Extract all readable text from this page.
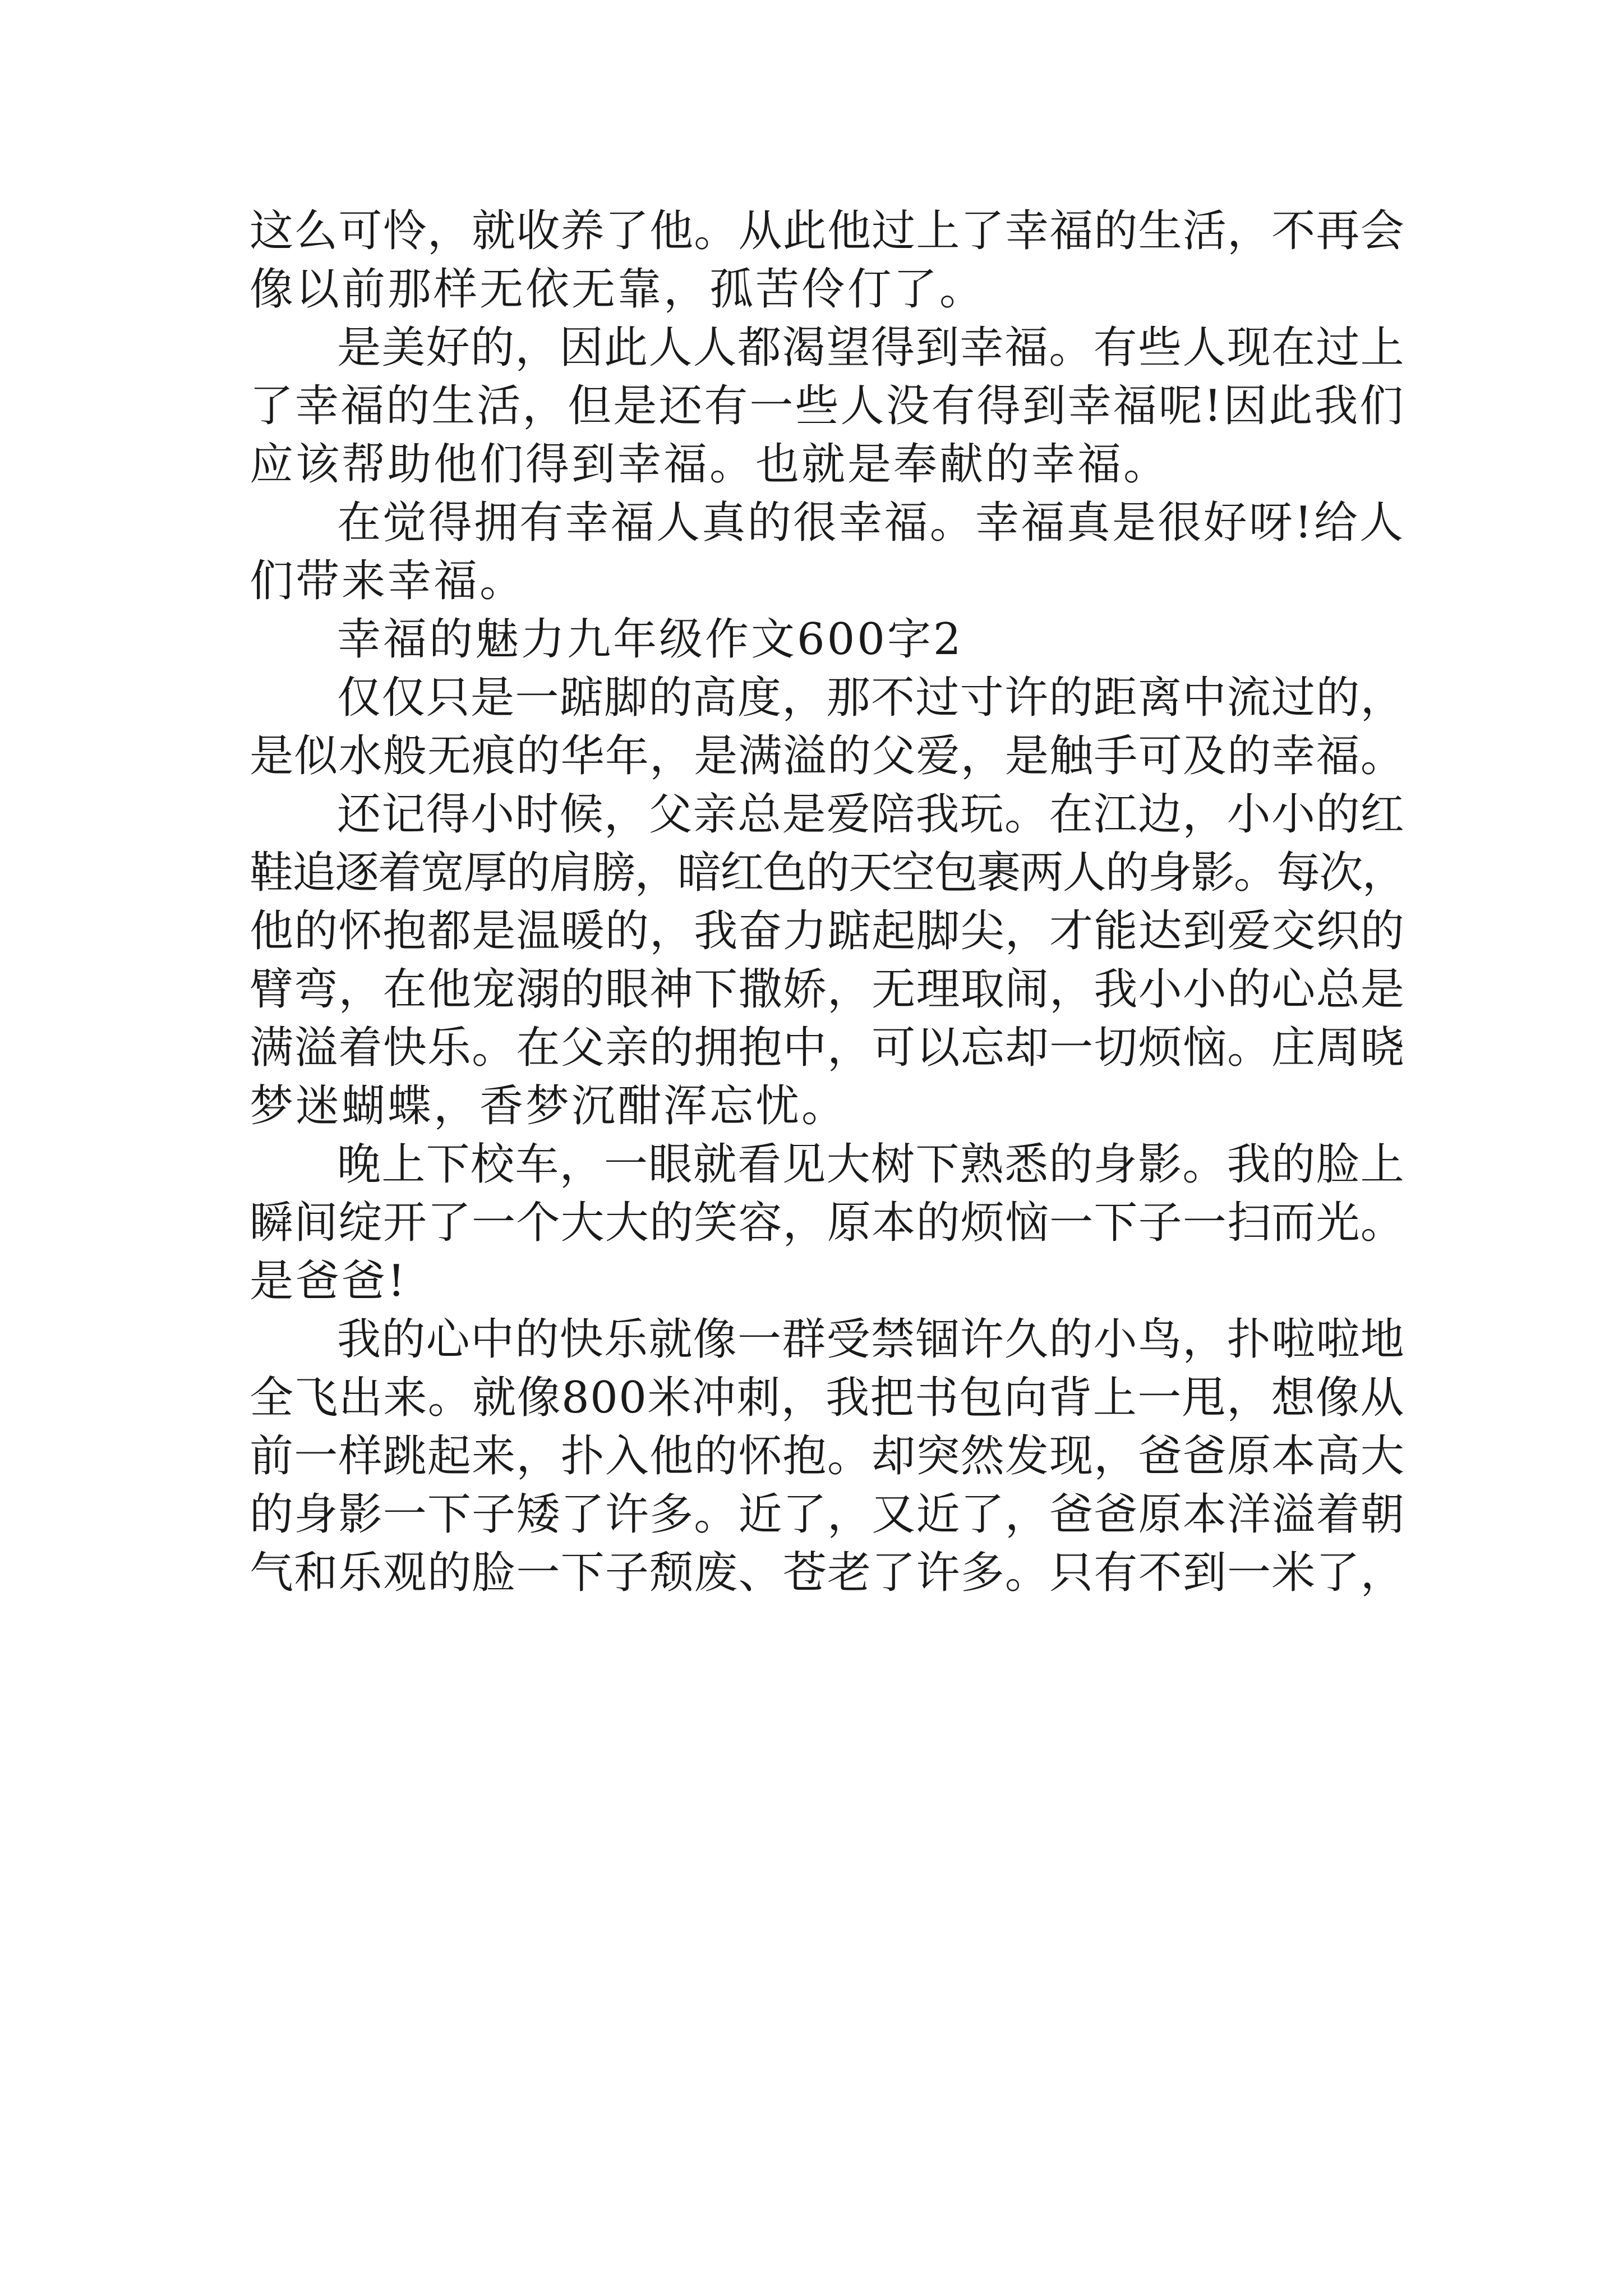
这么可怜，就收养了他。从此他过上了幸福的生活，不再会
像以前那样无依无靠，孤苦伶仃了。
是美好的，因此人人都渴望得到幸福。有些人现在过上
了幸福的生活，但是还有一些人没有得到幸福呢!因此我们
应该帮助他们得到幸福。也就是奉献的幸福。
在觉得拥有幸福人真的很幸福。幸福真是很好呀!给人
们带来幸福。
幸福的魅力九年级作文600字2
仅仅只是一踮脚的高度，那不过寸许的距离中流过的，
是似水般无痕的华年，是满溢的父爱，是触手可及的幸福。
还记得小时候，父亲总是爱陪我玩。在江边，小小的红
鞋追逐着宽厚的肩膀，暗红色的天空包裹两人的身影。每次，
他的怀抱都是温暖的，我奋力踮起脚尖，才能达到爱交织的
臂弯，在他宠溺的眼神下撒娇，无理取闹，我小小的心总是
满溢着快乐。在父亲的拥抱中，可以忘却一切烦恼。庄周晓
梦迷蝴蝶，香梦沉酣浑忘忧。
晚上下校车，一眼就看见大树下熟悉的身影。我的脸上
瞬间绽开了一个大大的笑容，原本的烦恼一下子一扫而光。
是爸爸!
我的心中的快乐就像一群受禁锢许久的小鸟，扑啦啦地
全飞出来。就像800米冲刺，我把书包向背上一甩，想像从
前一样跳起来，扑入他的怀抱。却突然发现，爸爸原本高大
的身影一下子矮了许多。近了，又近了，爸爸原本洋溢着朝
气和乐观的脸一下子颓废、苍老了许多。只有不到一米了，
